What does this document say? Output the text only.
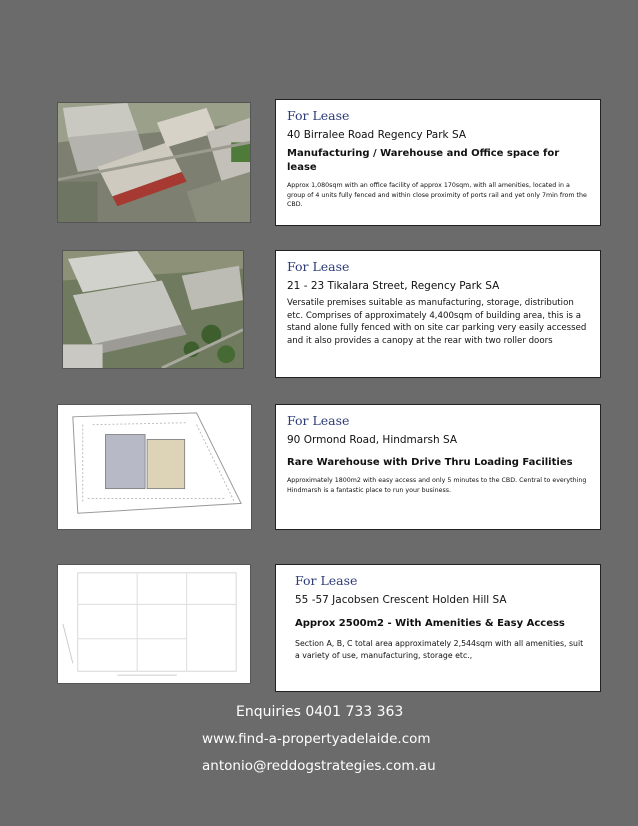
For Lease
40 Birralee Road Regency Park SA
Manufacturing / Warehouse and Office space for lease
Approx 1,080sqm with an office facility of approx 170sqm, with all amenities, located in a group of 4 units fully fenced and within close proximity of ports rail and yet only 7min from the CBD.
For Lease
21 - 23 Tikalara Street, Regency Park SA
Versatile premises suitable as manufacturing, storage, distribution etc. Comprises of approximately 4,400sqm of building area, this is a stand alone fully fenced with on site car parking very easily accessed and it also provides a canopy at the rear with two roller doors
For Lease
90 Ormond Road, Hindmarsh SA
Rare Warehouse with Drive Thru Loading Facilities
Approximately 1800m2 with easy access and only 5 minutes to the CBD. Central to everything Hindmarsh is a fantastic place to run your business.
For Lease
55 -57 Jacobsen Crescent Holden Hill SA
Approx 2500m2 - With Amenities & Easy Access
Section A, B, C total area approximately 2,544sqm with all amenities, suit a variety of use, manufacturing, storage etc.,
Enquiries 0401 733 363
www.find-a-propertyadelaide.com
antonio@reddogstrategies.com.au
